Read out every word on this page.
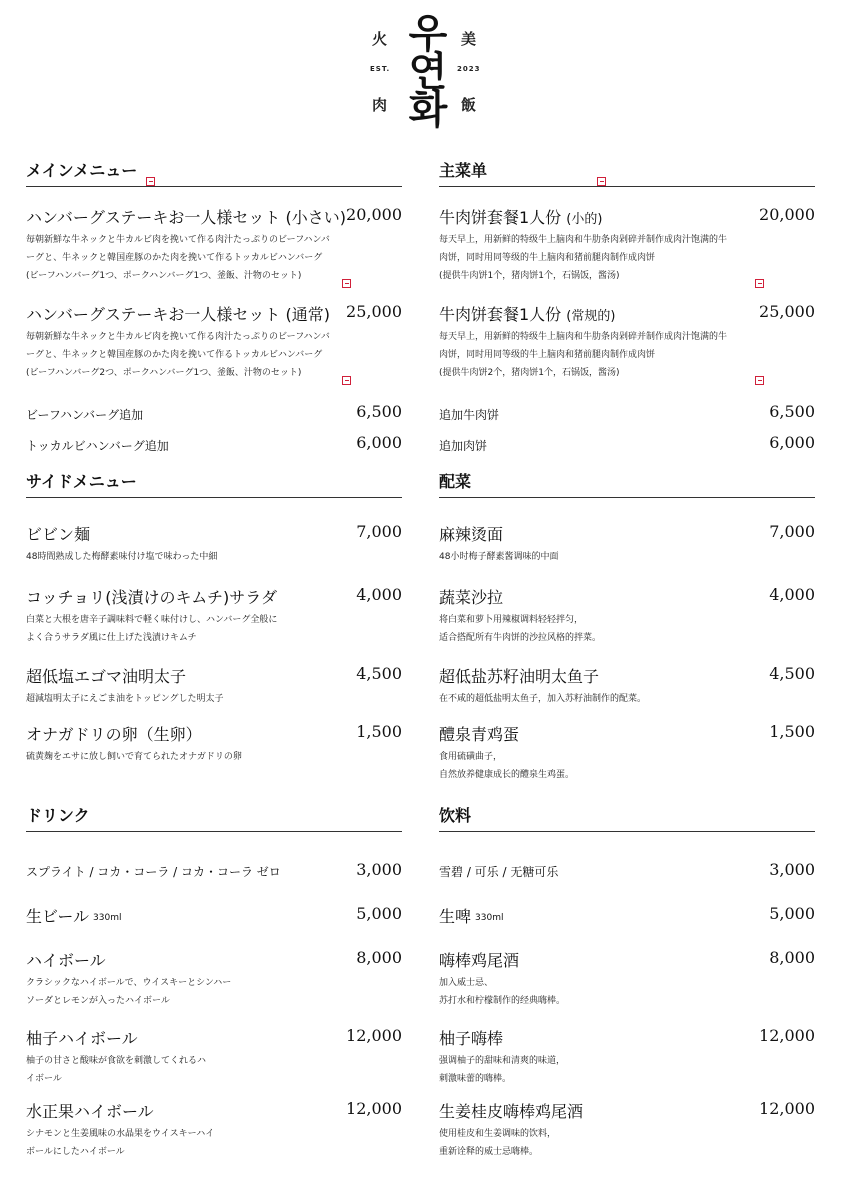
火
肉
美
飯
EST.	2023
우
연
화
メインメニュー
ハンバーグステーキお一人様セット (小さい) 20,000
毎朝新鮮な牛ネックと牛カルビ肉を挽いて作る肉汁たっぷりのビーフハンバ
ーグと、牛ネックと韓国産豚のかた肉を挽いて作るトッカルビハンバーグ
(ビーフハンバーグ1つ、ポークハンバーグ1つ、釜飯、汁物のセット)
ハンバーグステーキお一人様セット (通常) 25,000
毎朝新鮮な牛ネックと牛カルビ肉を挽いて作る肉汁たっぷりのビーフハンバ
ーグと、牛ネックと韓国産豚のかた肉を挽いて作るトッカルビハンバーグ
(ビーフハンバーグ2つ、ポークハンバーグ1つ、釜飯、汁物のセット)
ビーフハンバーグ追加	6,500
トッカルビハンバーグ追加	6,000
サイドメニュー
ビビン麺	7,000
48時間熟成した梅酵素味付け塩で味わった中細
コッチョリ(浅漬けのキムチ)サラダ	4,000
白菜と大根を唐辛子調味料で軽く味付けし、ハンバーグ全般に
よく合うサラダ風に仕上げた浅漬けキムチ
超低塩エゴマ油明太子	4,500
超減塩明太子にえごま油をトッピングした明太子
オナガドリの卵（生卵）	1,500
硫黄麹をエサに放し飼いで育てられたオナガドリの卵
ドリンク
スプライト / コカ・コーラ / コカ・コーラ ゼロ	3,000
生ビール 330ml	5,000
ハイボール	8,000
クラシックなハイボールで、ウイスキーとシンハー
ソーダとレモンが入ったハイボール
柚子ハイボール	12,000
柚子の甘さと酸味が食欲を刺激してくれるハ
イボール
水正果ハイボール	12,000
シナモンと生姜風味の水晶果をウイスキーハイ
ボールにしたハイボール
主菜单
牛肉饼套餐1人份 (小的)	20,000
每天早上，用新鲜的特级牛上脑肉和牛肋条肉剁碎并制作成肉汁饱满的牛
肉饼，同时用同等级的牛上脑肉和猪前腿肉制作成肉饼
(提供牛肉饼1个，猪肉饼1个，石锅饭，酱汤)
牛肉饼套餐1人份 (常规的)	25,000
每天早上，用新鲜的特级牛上脑肉和牛肋条肉剁碎并制作成肉汁饱满的牛
肉饼，同时用同等级的牛上脑肉和猪前腿肉制作成肉饼
(提供牛肉饼2个，猪肉饼1个，石锅饭，酱汤)
追加牛肉饼	6,500
追加肉饼	6,000
配菜
麻辣烫面	7,000
48小时梅子酵素酱调味的中面
蔬菜沙拉	4,000
将白菜和萝卜用辣椒调料轻轻拌匀，
适合搭配所有牛肉饼的沙拉风格的拌菜。
超低盐苏籽油明太鱼子	4,500
在不咸的超低盐明太鱼子，加入苏籽油制作的配菜。
醴泉青鸡蛋	1,500
食用硫磺曲子，
自然放养健康成长的醴泉生鸡蛋。
饮料
雪碧 / 可乐 / 无糖可乐	3,000
生啤 330ml	5,000
嗨棒鸡尾酒	8,000
加入威士忌、
苏打水和柠檬制作的经典嗨棒。
柚子嗨棒	12,000
强调柚子的甜味和清爽的味道，
刺激味蕾的嗨棒。
生姜桂皮嗨棒鸡尾酒	12,000
使用桂皮和生姜调味的饮料，
重新诠释的威士忌嗨棒。
